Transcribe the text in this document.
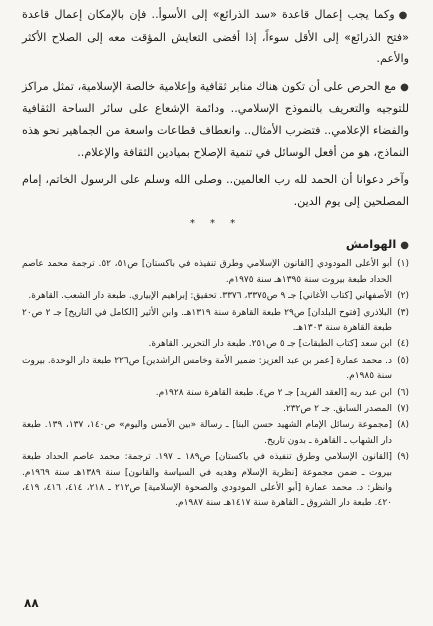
●وكما يجب إعمال قاعدة «سد الذرائع» إلى الأسوأ.. فإن بالإمكان إعمال قاعدة «فتح الذرائع» إلى الأقل سوءاً، إذا أفضى التعايش المؤقت معه إلى الصلاح الأكثر والأعم.

●مع الحرص على أن تكون هناك منابر ثقافية وإعلامية خالصة الإسلامية، تمثل مراكز للتوجيه والتعريف بالنموذج الإسلامي.. ودائمة الإشعاع على سائر الساحة الثقافية والفضاء الإعلامي.. فتضرب الأمثال.. وانعطاف قطاعات واسعة من الجماهير نحو هذه النماذج، هو من أفعل الوسائل في تنمية الإصلاح بميادين الثقافة والإعلام..

وآخر دعوانا أن الحمد لله رب العالمين.. وصلى الله وسلم على الرسول الخاتم، إمام المصلحين إلى يوم الدين.

* * *
●الهوامش
(١)
أبو الأعلى المودودي [القانون الإسلامي وطرق تنفيذه في باكستان] ص٥١، ٥٢. ترجمة محمد عاصم الحداد طبعة بيروت سنة ١٣٩٥هـ سنة ١٩٧٥م.
(٢)
الأصفهاني [كتاب الأغاني] جـ ٩ ص٣٣٧٥، ٣٣٧٦. تحقيق: إبراهيم الإبياري. طبعة دار الشعب. القاهرة.
(٣)
البلاذري [فتوح البلدان] ص٢٩ طبعة القاهرة سنة ١٣١٩هـ. وابن الأثير [الكامل في التاريخ] جـ ٢ ص٢٠ طبعة القاهرة سنة ١٣٠٣هـ.
(٤)
ابن سعد [كتاب الطبقات] جـ ٥ ص٢٥١. طبعة دار التحرير. القاهرة.
(٥)
د. محمد عمارة [عمر بن عبد العزيز: ضمير الأمة وخامس الراشدين] ص٢٢٦ طبعة دار الوحدة. بيروت سنة ١٩٨٥م.
(٦)
ابن عبد ربه [العقد الفريد] جـ ٢ ص٤. طبعة القاهرة سنة ١٩٢٨م.
(٧)
المصدر السابق. جـ ٢ ص٢٣٢.
(٨)
[مجموعة رسائل الإمام الشهيد حسن البنا] ـ رسالة «بين الأمس واليوم» ص١٤٠، ١٣٧، ١٣٩. طبعة دار الشهاب ـ القاهرة ـ بدون تاريخ.
(٩)
[القانون الإسلامي وطرق تنفيذه في باكستان] ص١٨٩ ـ ١٩٧. ترجمة: محمد عاصم الحداد طبعة بيروت ـ ضمن مجموعة [نظرية الإسلام وهديه في السياسة والقانون] سنة ١٣٨٩هـ سنة ١٩٦٩م. وانظر: د. محمد عمارة [أبو الأعلى المودودي والصحوة الإسلامية] ص٢١٢ ـ ٢١٨، ٤١٤، ٤١٦، ٤١٩، ٤٢٠. طبعة دار الشروق ـ القاهرة سنة ١٤١٧هـ سنة ١٩٨٧م.
٨٨
